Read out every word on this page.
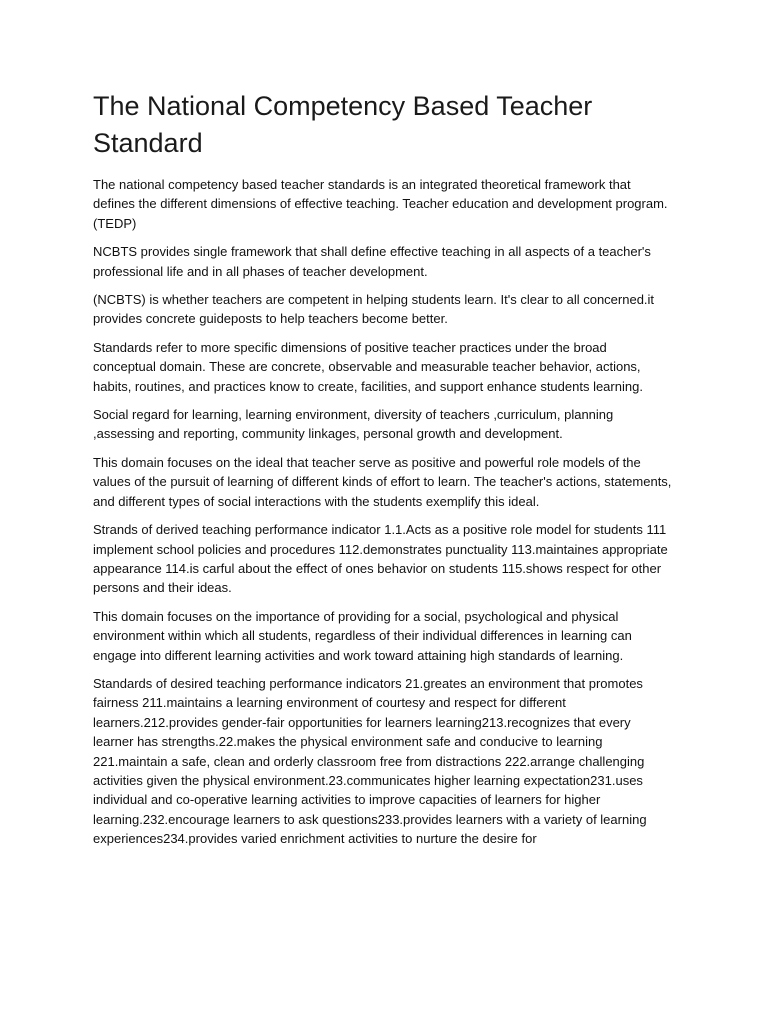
The National Competency Based Teacher Standard

The national competency based teacher standards is an integrated theoretical framework that defines the different dimensions of effective teaching. Teacher education and development program. (TEDP)

NCBTS provides single framework that shall define effective teaching in all aspects of a teacher's professional life and in all phases of teacher development.

(NCBTS) is whether teachers are competent in helping students learn. It's clear to all concerned.it provides concrete guideposts to help teachers become better.

Standards refer to more specific dimensions of positive teacher practices under the broad conceptual domain. These are concrete, observable and measurable teacher behavior, actions, habits, routines, and practices know to create, facilities, and support enhance students learning.

Social regard for learning, learning environment, diversity of teachers ,curriculum, planning ,assessing and reporting, community linkages, personal growth and development.

This domain focuses on the ideal that teacher serve as positive and powerful role models of the values of the pursuit of learning of different kinds of effort to learn. The teacher's actions, statements, and different types of social interactions with the students exemplify this ideal.

Strands of derived teaching performance indicator 1.1.Acts as a positive role model for students 111 implement school policies and procedures 112.demonstrates punctuality 113.maintaines appropriate appearance 114.is carful about the effect of ones behavior on students 115.shows respect for other persons and their ideas.

This domain focuses on the importance of providing for a social, psychological and physical environment within which all students, regardless of their individual differences in learning can engage into different learning activities and work toward attaining high standards of learning.

Standards of desired teaching performance indicators 21.greates an environment that promotes fairness 211.maintains a learning environment of courtesy and respect for different learners.212.provides gender-fair opportunities for learners learning213.recognizes that every learner has strengths.22.makes the physical environment safe and conducive to learning 221.maintain a safe, clean and orderly classroom free from distractions 222.arrange challenging activities given the physical environment.23.communicates higher learning expectation231.uses individual and co-operative learning activities to improve capacities of learners for higher learning.232.encourage learners to ask questions233.provides learners with a variety of learning experiences234.provides varied enrichment activities to nurture the desire for
